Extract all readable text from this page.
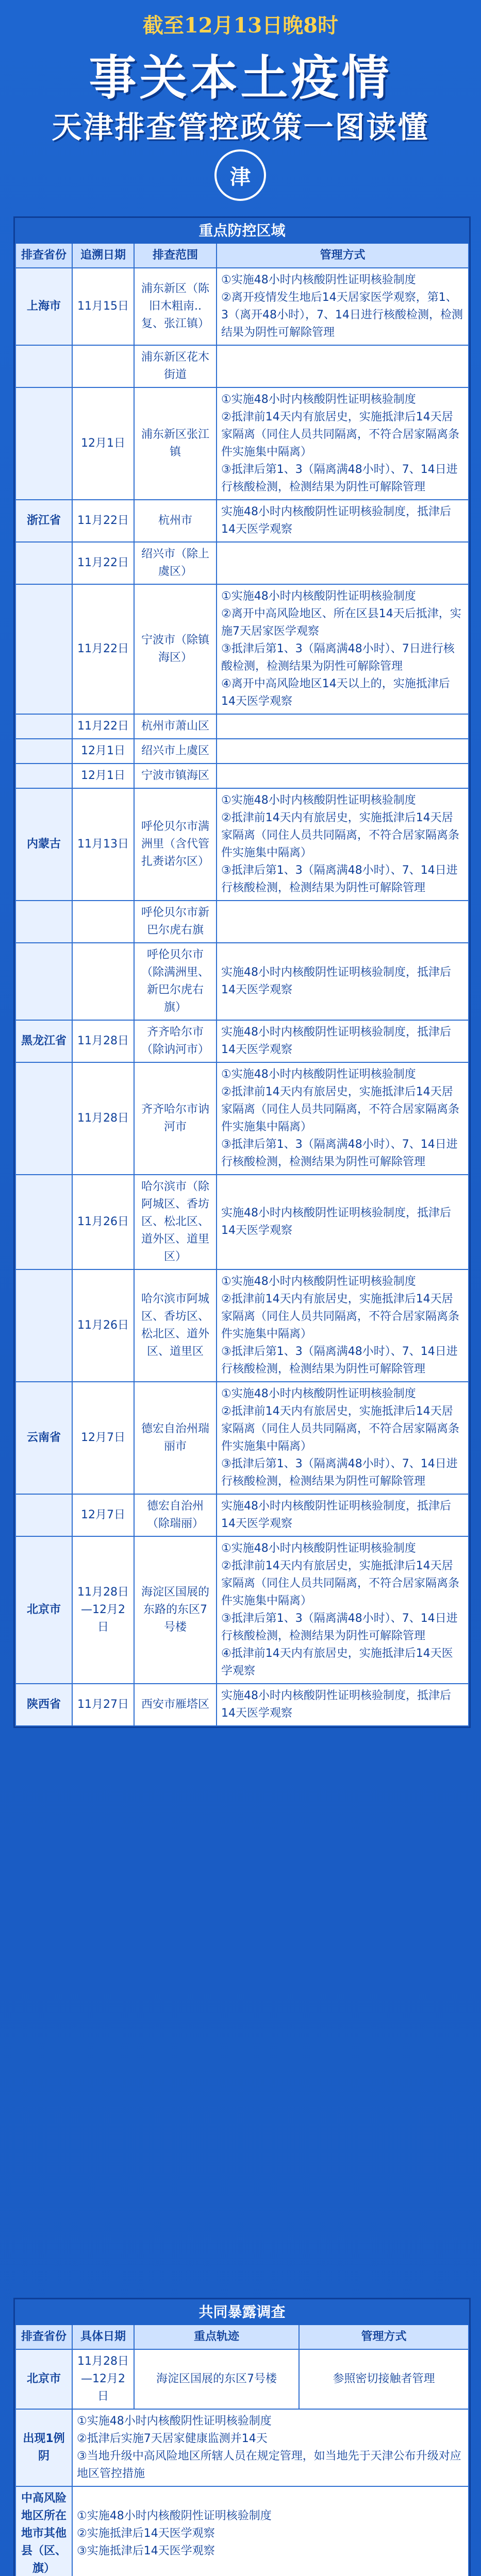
截至12月13日晚8时
事关本土疫情
天津排查管控政策一图读懂
津
重点防控区域			
排查省份	追溯日期	排查范围	管理方式
上海市	11月15日	浦东新区（陈旧木粗南..复、张江镇）	①实施48小时内核酸阴性证明核验制度
②离开疫情发生地后14天居家医学观察，第1、3（离开48小时），7、14日进行核酸检测，检测结果为阴性可解除管理
		浦东新区花木街道	
	12月1日	浦东新区张江镇	①实施48小时内核酸阴性证明核验制度
②抵津前14天内有旅居史，实施抵津后14天居家隔离（同住人员共同隔离，不符合居家隔离条件实施集中隔离）
③抵津后第1、3（隔离满48小时）、7、14日进行核酸检测，检测结果为阴性可解除管理
浙江省	11月22日	杭州市	实施48小时内核酸阴性证明核验制度，抵津后14天医学观察
	11月22日	绍兴市（除上虞区）	
	11月22日	宁波市（除镇海区）	①实施48小时内核酸阴性证明核验制度
②离开中高风险地区、所在区县14天后抵津，实施7天居家医学观察
③抵津后第1、3（隔离满48小时）、7日进行核酸检测，检测结果为阴性可解除管理
④离开中高风险地区14天以上的，实施抵津后14天医学观察
	11月22日	杭州市萧山区	
	12月1日	绍兴市上虞区	
	12月1日	宁波市镇海区	
内蒙古	11月13日	呼伦贝尔市满洲里（含代管扎赉诺尔区）	①实施48小时内核酸阴性证明核验制度
②抵津前14天内有旅居史，实施抵津后14天居家隔离（同住人员共同隔离，不符合居家隔离条件实施集中隔离）
③抵津后第1、3（隔离满48小时）、7、14日进行核酸检测，检测结果为阴性可解除管理
		呼伦贝尔市新巴尔虎右旗	
		呼伦贝尔市（除满洲里、新巴尔虎右旗）	实施48小时内核酸阴性证明核验制度，抵津后14天医学观察
黑龙江省	11月28日	齐齐哈尔市（除讷河市）	实施48小时内核酸阴性证明核验制度，抵津后14天医学观察
	11月28日	齐齐哈尔市讷河市	①实施48小时内核酸阴性证明核验制度
②抵津前14天内有旅居史，实施抵津后14天居家隔离（同住人员共同隔离，不符合居家隔离条件实施集中隔离）
③抵津后第1、3（隔离满48小时）、7、14日进行核酸检测，检测结果为阴性可解除管理
	11月26日	哈尔滨市（除阿城区、香坊区、松北区、道外区、道里区）	实施48小时内核酸阴性证明核验制度，抵津后14天医学观察
	11月26日	哈尔滨市阿城区、香坊区、松北区、道外区、道里区	①实施48小时内核酸阴性证明核验制度
②抵津前14天内有旅居史，实施抵津后14天居家隔离（同住人员共同隔离，不符合居家隔离条件实施集中隔离）
③抵津后第1、3（隔离满48小时）、7、14日进行核酸检测，检测结果为阴性可解除管理
云南省	12月7日	德宏自治州瑞丽市	①实施48小时内核酸阴性证明核验制度
②抵津前14天内有旅居史，实施抵津后14天居家隔离（同住人员共同隔离，不符合居家隔离条件实施集中隔离）
③抵津后第1、3（隔离满48小时）、7、14日进行核酸检测，检测结果为阴性可解除管理
	12月7日	德宏自治州（除瑞丽）	实施48小时内核酸阴性证明核验制度，抵津后14天医学观察
北京市	11月28日—12月2日	海淀区国展的东路的东区7号楼	①实施48小时内核酸阴性证明核验制度
②抵津前14天内有旅居史，实施抵津后14天居家隔离（同住人员共同隔离，不符合居家隔离条件实施集中隔离）
③抵津后第1、3（隔离满48小时）、7、14日进行核酸检测，检测结果为阴性可解除管理
④抵津前14天内有旅居史，实施抵津后14天医学观察
陕西省	11月27日	西安市雁塔区	实施48小时内核酸阴性证明核验制度，抵津后14天医学观察
共同暴露调查			
排查省份	具体日期	重点轨迹	管理方式
北京市	11月28日—12月2日	海淀区国展的东区7号楼	参照密切接触者管理
出现1例阴	①实施48小时内核酸阴性证明核验制度
②抵津后实施7天居家健康监测并14天
③当地升级中高风险地区所辖人员在规定管理，如当地先于天津公布升级对应地区管控措施		
中高风险地区所在地市其他县（区、旗）	①实施48小时内核酸阴性证明核验制度
②实施抵津后14天医学观察
③实施抵津后14天医学观察		
